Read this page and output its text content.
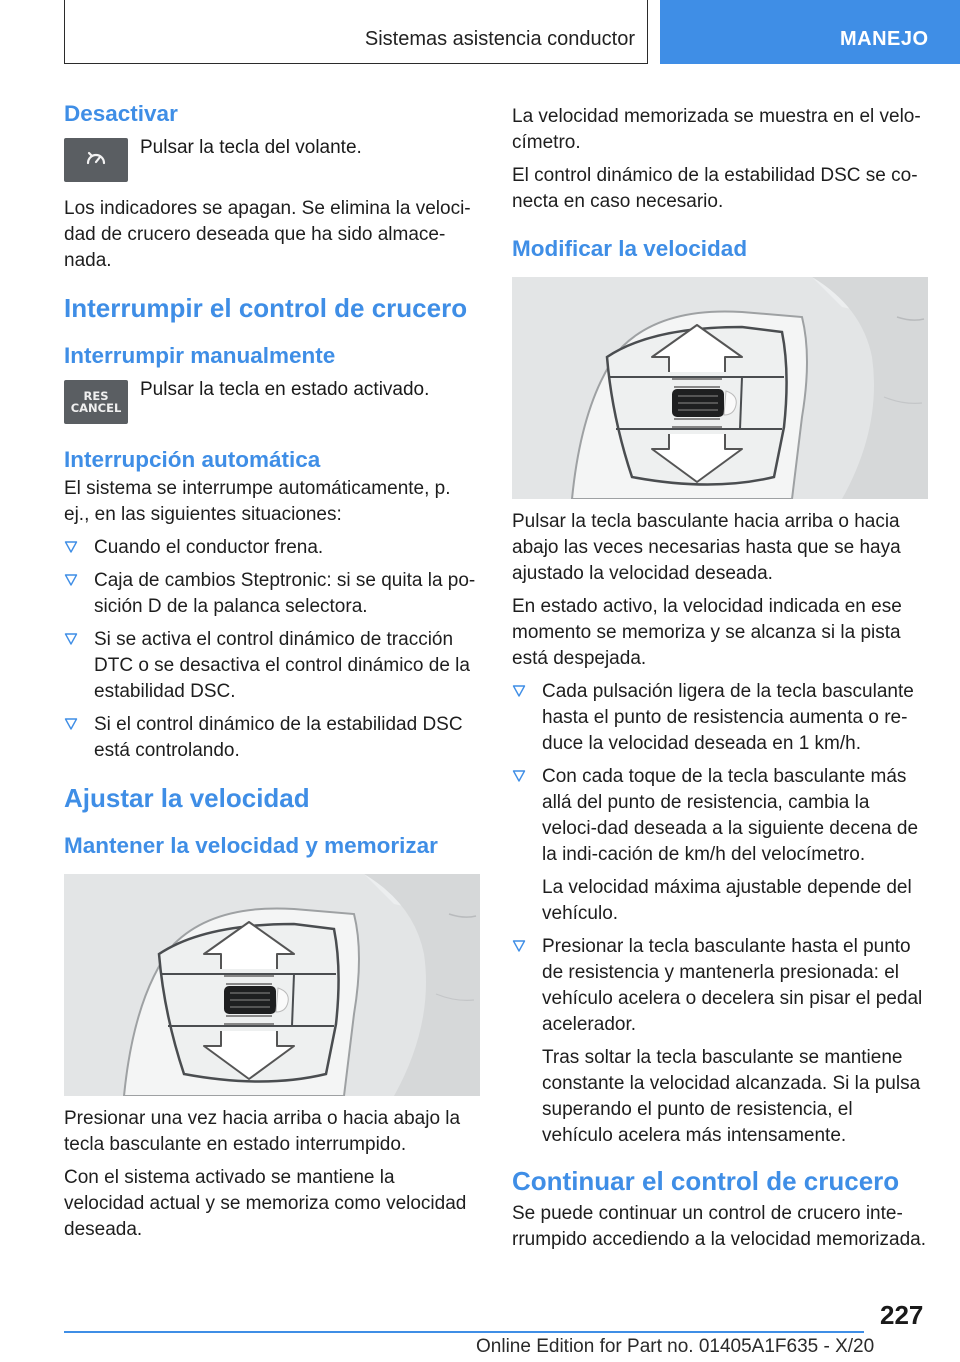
Sistemas asistencia conductor	MANEJO
Desactivar
Pulsar la tecla del volante.

Los indicadores se apagan. Se elimina la veloci‐dad de crucero deseada que ha sido almace‐nada.

Interrumpir el control de crucero
Interrumpir manualmente
RES
CANCEL
Pulsar la tecla en estado activado.
Interrupción automática

El sistema se interrumpe automáticamente, p. ej., en las siguientes situaciones:

Cuando el conductor frena.
Caja de cambios Steptronic: si se quita la po‐sición D de la palanca selectora.
Si se activa el control dinámico de tracción DTC o se desactiva el control dinámico de la estabilidad DSC.
Si el control dinámico de la estabilidad DSC está controlando.
Ajustar la velocidad
Mantener la velocidad y memorizar

Presionar una vez hacia arriba o hacia abajo la tecla basculante en estado interrumpido.

Con el sistema activado se mantiene la velocidad actual y se memoriza como velocidad deseada.

La velocidad memorizada se muestra en el velo‐címetro.

El control dinámico de la estabilidad DSC se co‐necta en caso necesario.

Modificar la velocidad

Pulsar la tecla basculante hacia arriba o hacia abajo las veces necesarias hasta que se haya ajustado la velocidad deseada.

En estado activo, la velocidad indicada en ese momento se memoriza y se alcanza si la pista está despejada.

Cada pulsación ligera de la tecla basculante hasta el punto de resistencia aumenta o re‐duce la velocidad deseada en 1 km/h.
Con cada toque de la tecla basculante más allá del punto de resistencia, cambia la veloci‐dad deseada a la siguiente decena de la indi‐cación de km/h del velocímetro.
La velocidad máxima ajustable depende del vehículo.
Presionar la tecla basculante hasta el punto de resistencia y mantenerla presionada: el vehículo acelera o decelera sin pisar el pedal acelerador.
Tras soltar la tecla basculante se mantiene constante la velocidad alcanzada. Si la pulsa superando el punto de resistencia, el vehículo acelera más intensamente.
Continuar el control de crucero

Se puede continuar un control de crucero inte‐rrumpido accediendo a la velocidad memorizada.

227
Online Edition for Part no. 01405A1F635 - X/20
